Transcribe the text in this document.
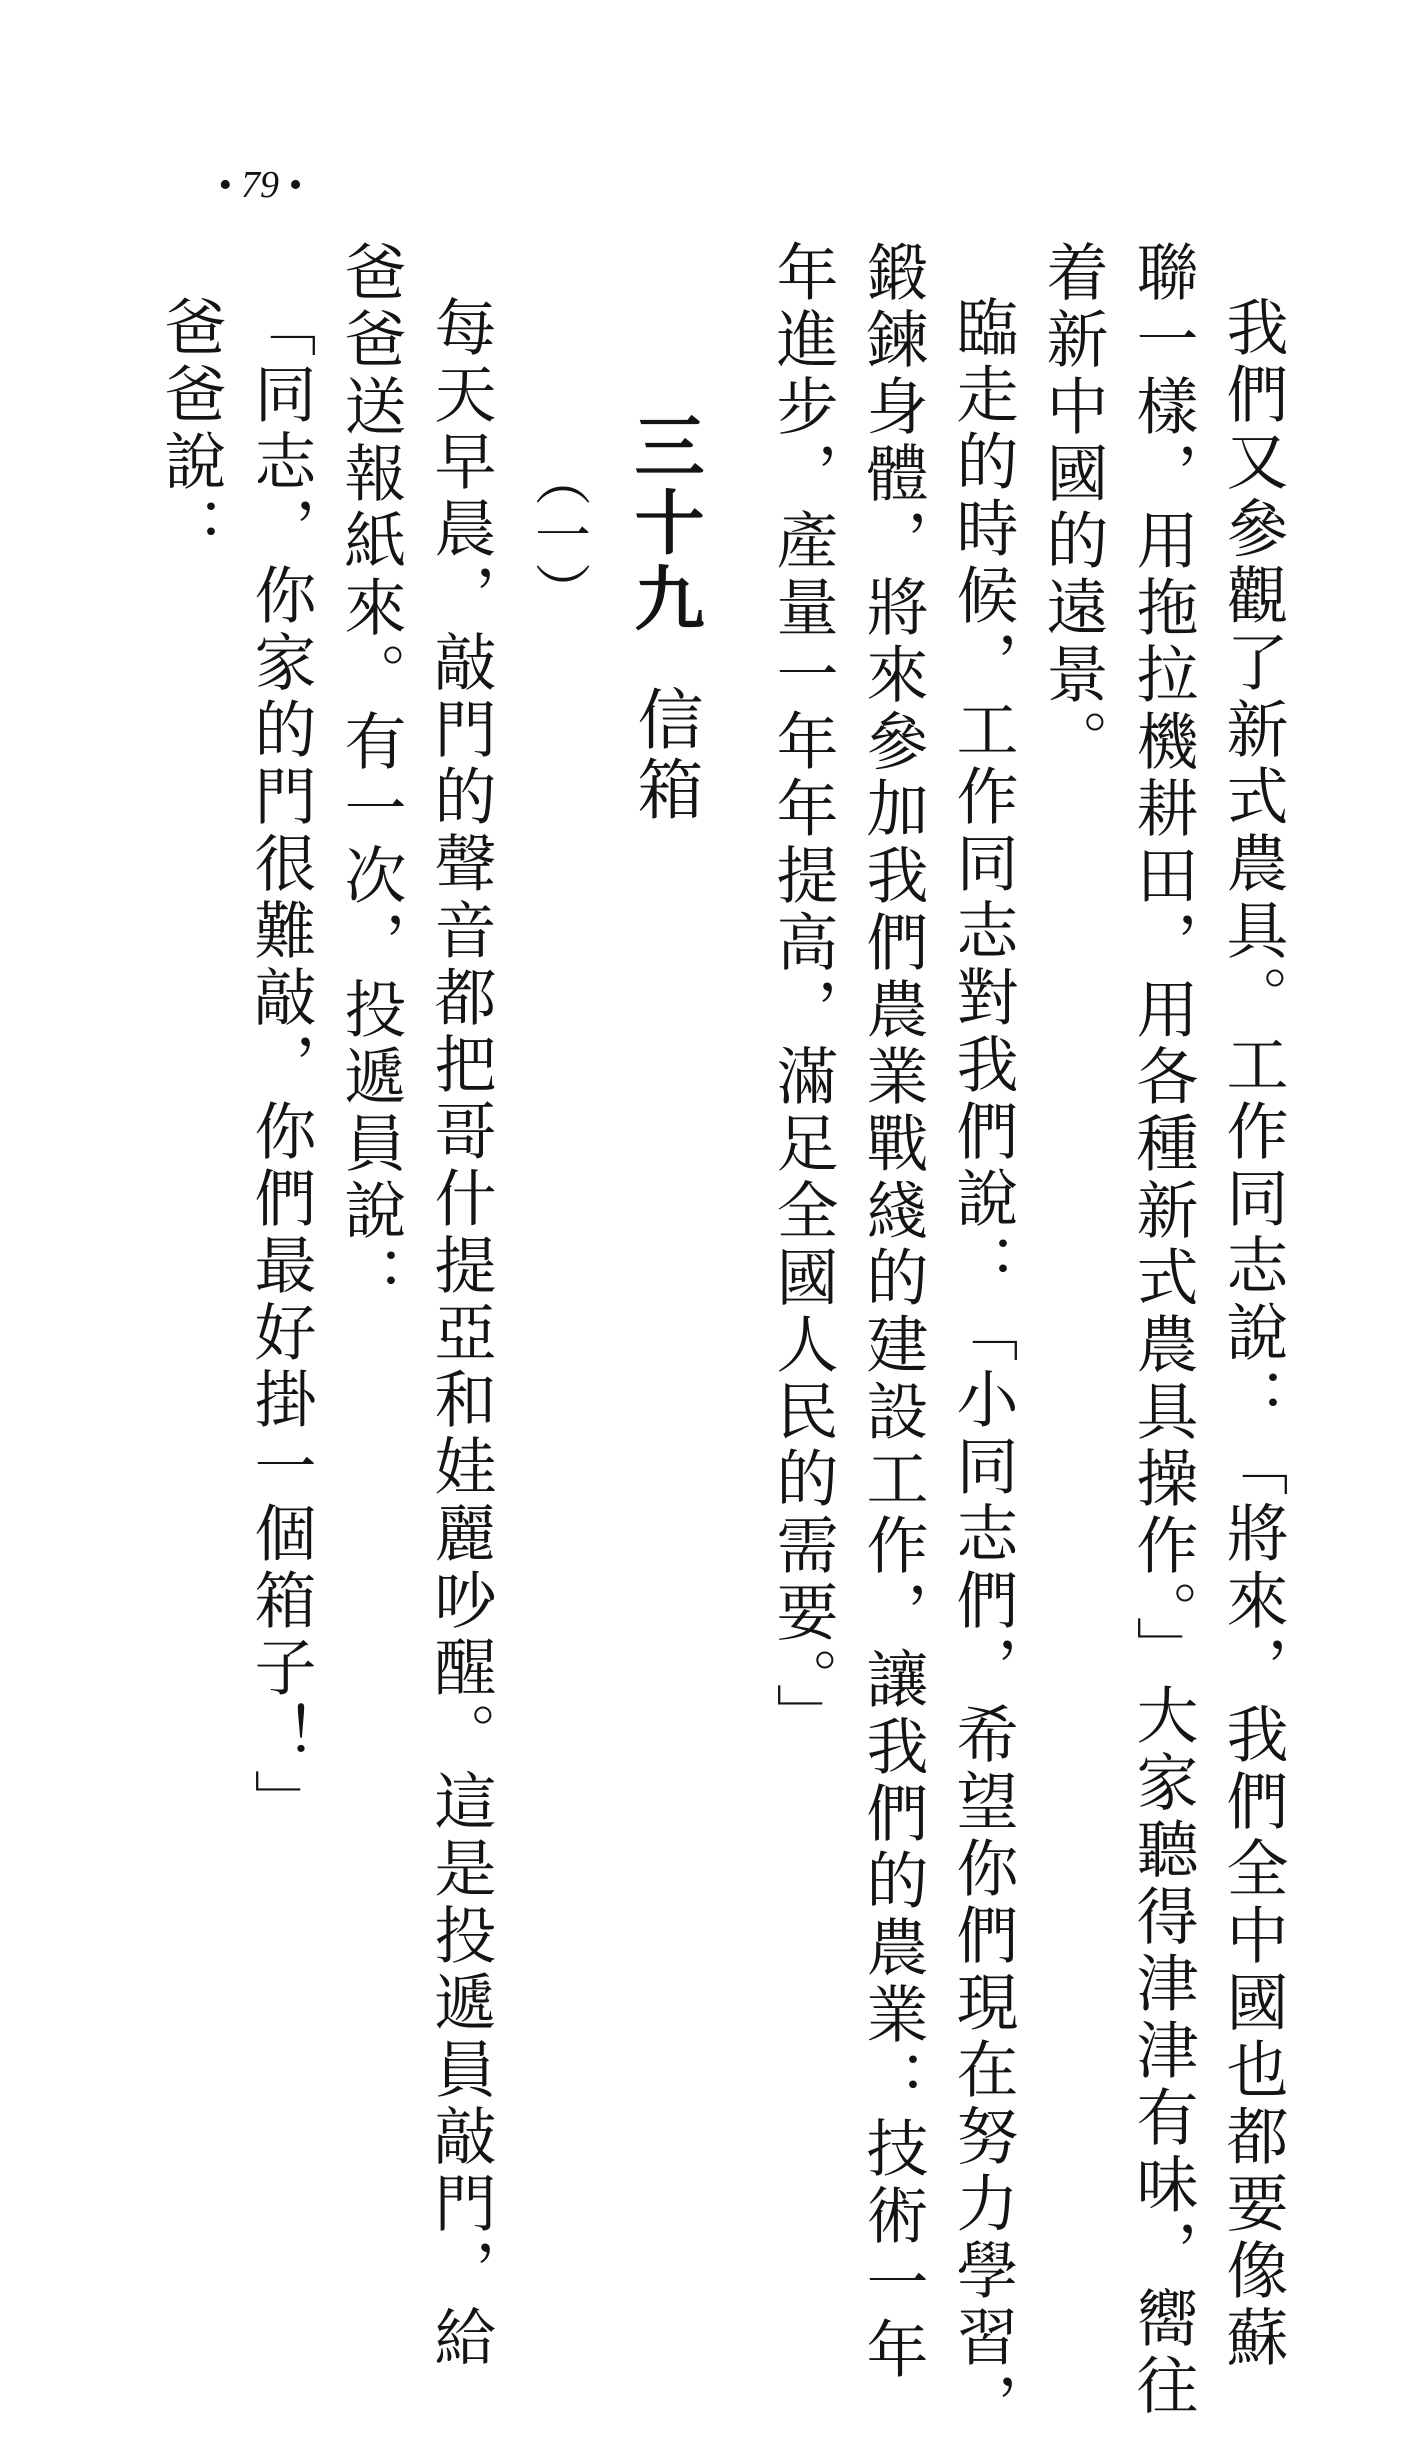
• 79 •
我們又參觀了新式農具。工作同志說：「將來，我們全中國也都要像蘇
聯一樣，用拖拉機耕田，用各種新式農具操作。」大家聽得津津有味，嚮往
着新中國的遠景。
臨走的時候，工作同志對我們說：「小同志們，希望你們現在努力學習，
鍛鍊身體，將來參加我們農業戰綫的建設工作，讓我們的農業：技術一年
年進步，產量一年年提高，滿足全國人民的需要。」
三十九
信箱
（一）
每天早晨，敲門的聲音都把哥什提亞和娃麗吵醒。這是投遞員敲門，給
爸爸送報紙來。有一次，投遞員說：
「同志，你家的門很難敲，你們最好掛一個箱子！」
爸爸說：
